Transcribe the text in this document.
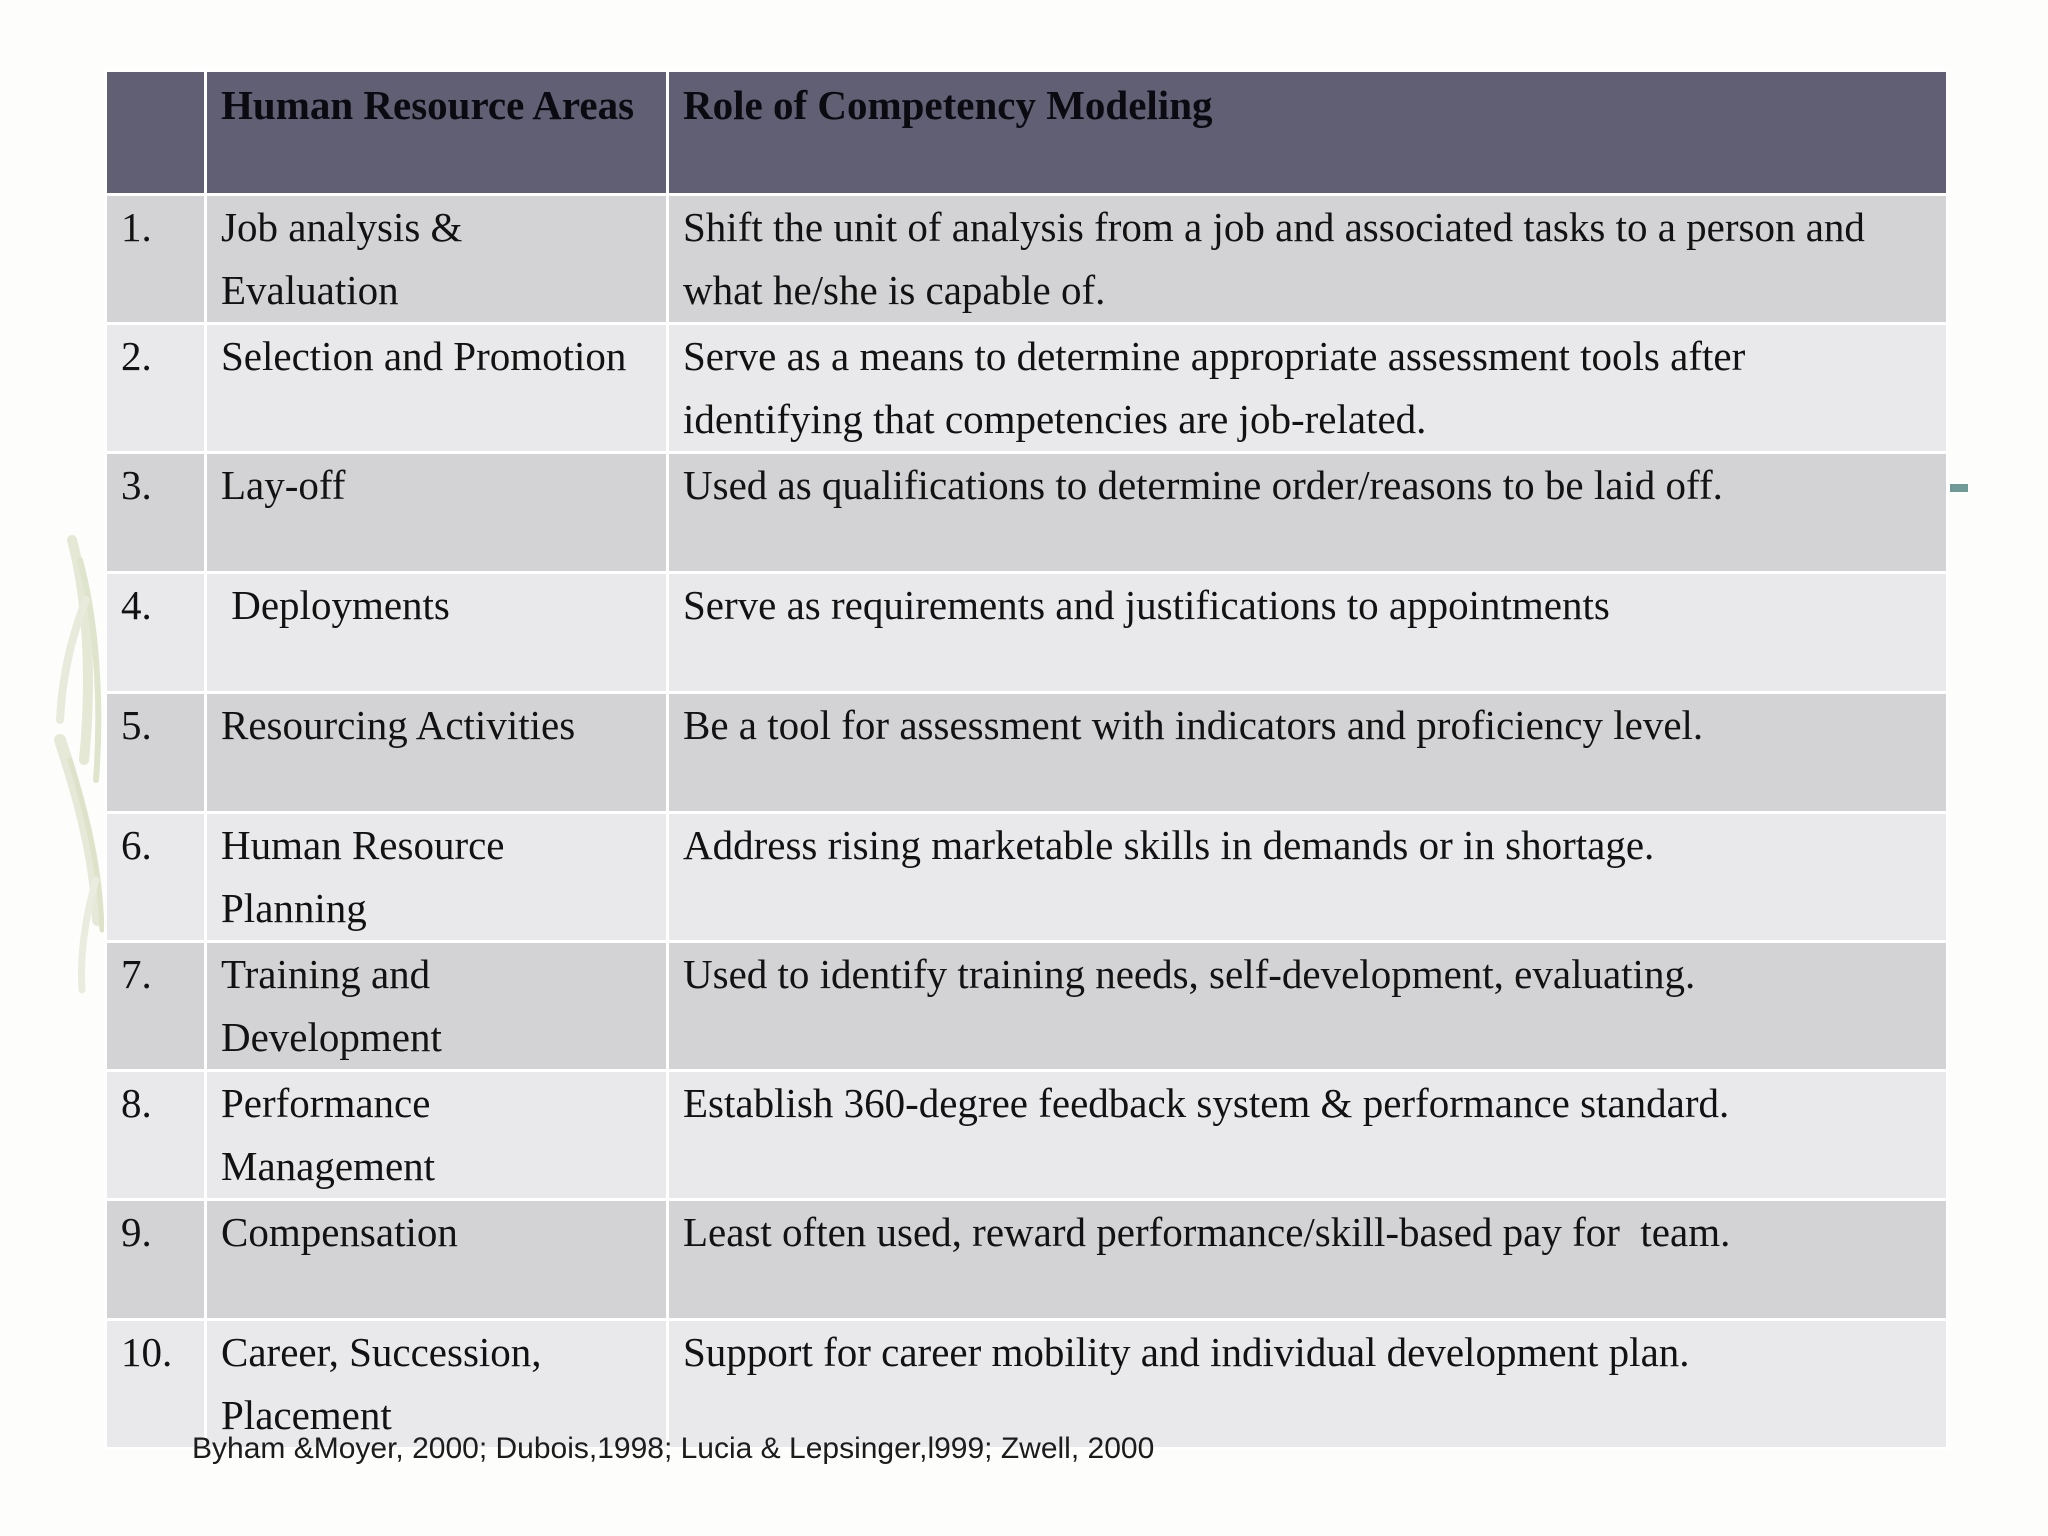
	Human Resource Areas	Role of Competency Modeling
1.	Job analysis & Evaluation	Shift the unit of analysis from a job and associated tasks to a person and what he/she is capable of.
2.	Selection and Promotion	Serve as a means to determine appropriate assessment tools after identifying that competencies are job-related.
3.	Lay-off	Used as qualifications to determine order/reasons to be laid off.
4.	Deployments	Serve as requirements and justifications to appointments
5.	Resourcing Activities	Be a tool for assessment with indicators and proficiency level.
6.	Human Resource Planning	Address rising marketable skills in demands or in shortage.
7.	Training and Development	Used to identify training needs, self-development, evaluating.
8.	Performance Management	Establish 360-degree feedback system & performance standard.
9.	Compensation	Least often used, reward performance/skill-based pay for  team.
10.	Career, Succession, Placement	Support for career mobility and individual development plan.
Byham &Moyer, 2000; Dubois,1998; Lucia & Lepsinger,l999; Zwell, 2000
